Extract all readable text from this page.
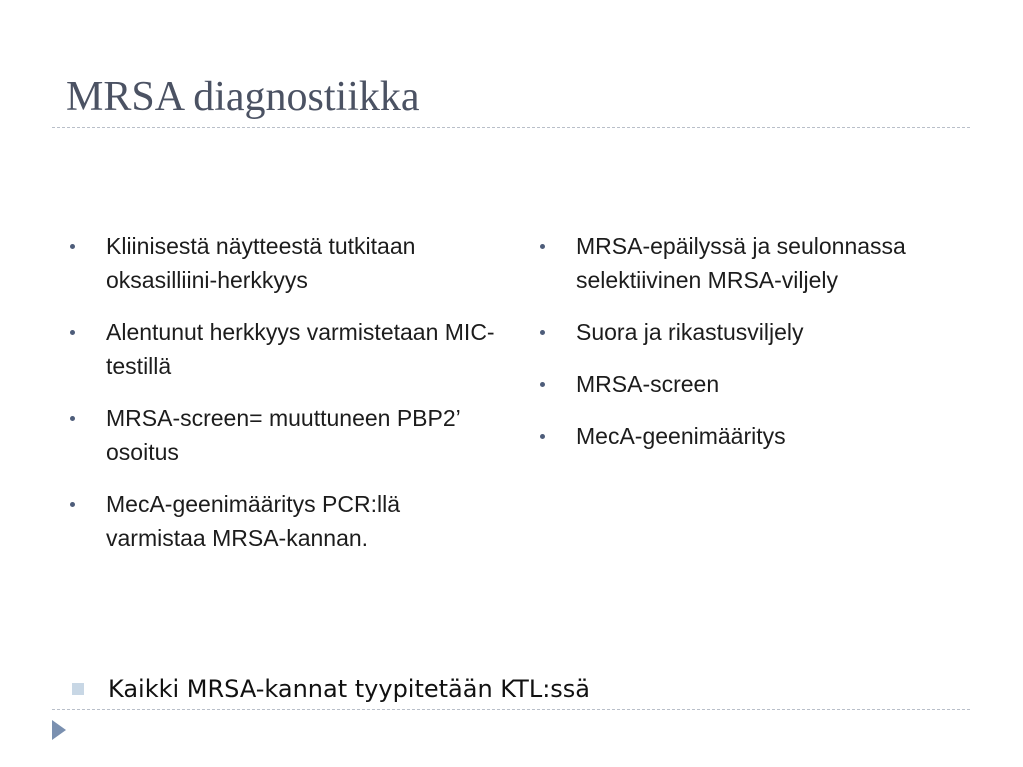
MRSA diagnostiikka
Kliinisestä näytteestä tutkitaan oksasilliini-herkkyys
Alentunut herkkyys varmistetaan MIC-testillä
MRSA-screen= muuttuneen PBP2’ osoitus
MecA-geenimääritys PCR:llä varmistaa MRSA-kannan.
MRSA-epäilyssä ja seulonnassa selektiivinen MRSA-viljely
Suora ja rikastusviljely
MRSA-screen
MecA-geenimääritys
Kaikki MRSA-kannat tyypitetään KTL:ssä
